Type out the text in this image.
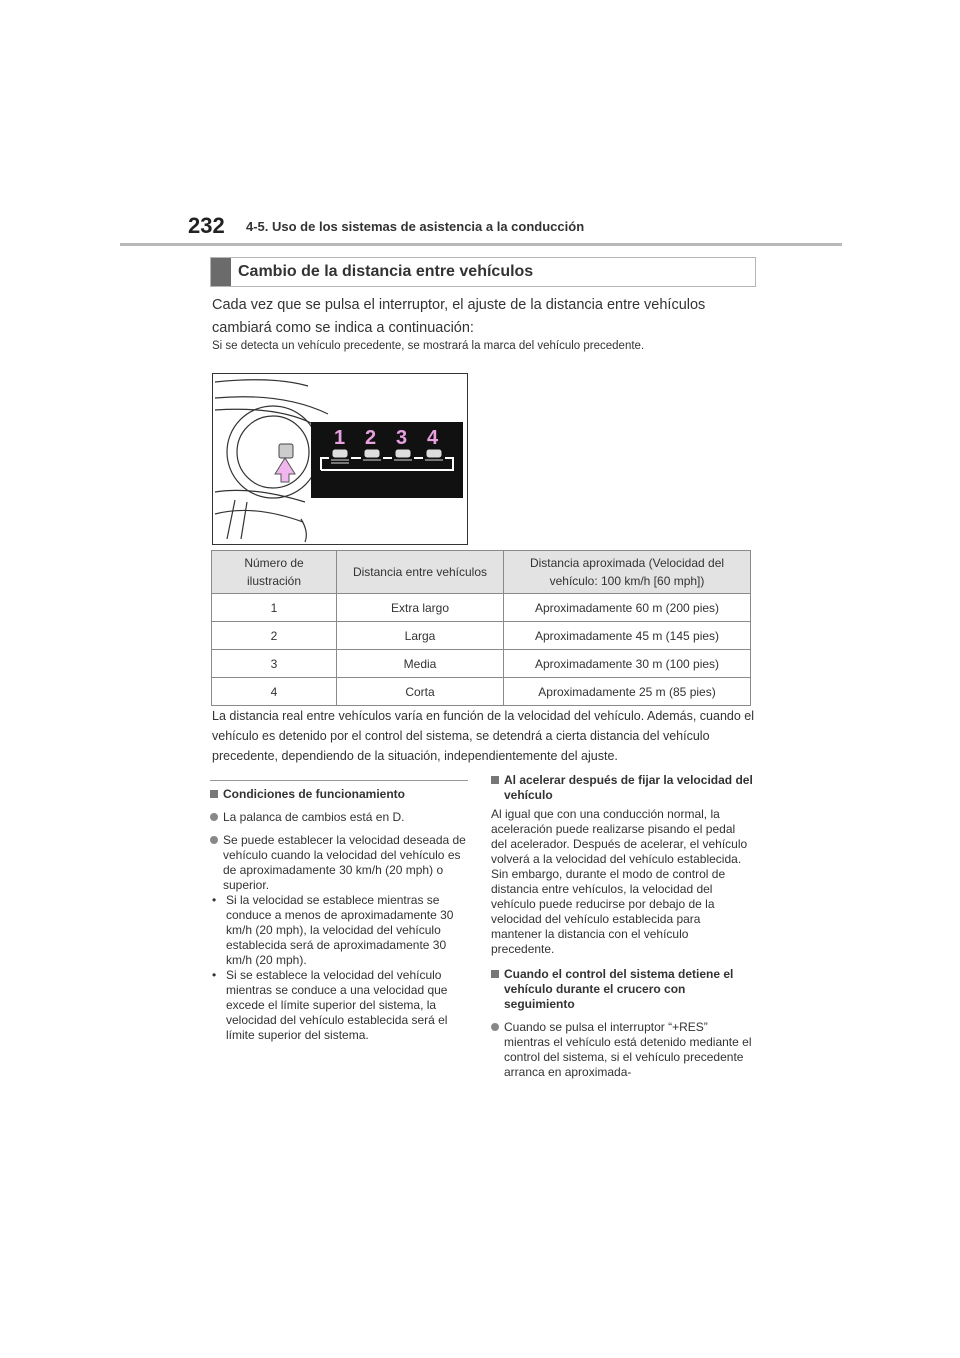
232 4-5. Uso de los sistemas de asistencia a la conducción
Cambio de la distancia entre vehículos
Cada vez que se pulsa el interruptor, el ajuste de la distancia entre vehículos cambiará como se indica a continuación:
Si se detecta un vehículo precedente, se mostrará la marca del vehículo precedente.
1 2 3 4
Número de ilustración	Distancia entre vehículos	Distancia aproximada (Velocidad del vehículo: 100 km/h [60 mph])
1	Extra largo	Aproximadamente 60 m (200 pies)
2	Larga	Aproximadamente 45 m (145 pies)
3	Media	Aproximadamente 30 m (100 pies)
4	Corta	Aproximadamente 25 m (85 pies)
La distancia real entre vehículos varía en función de la velocidad del vehículo. Además, cuando el vehículo es detenido por el control del sistema, se detendrá a cierta distancia del vehículo precedente, dependiendo de la situación, independientemente del ajuste.
Condiciones de funcionamiento
La palanca de cambios está en D.
Se puede establecer la velocidad deseada de vehículo cuando la velocidad del vehículo es de aproximadamente 30 km/h (20 mph) o superior.
• Si la velocidad se establece mientras se conduce a menos de aproximadamente 30 km/h (20 mph), la velocidad del vehículo establecida será de aproximadamente 30 km/h (20 mph).
• Si se establece la velocidad del vehículo mientras se conduce a una velocidad que excede el límite superior del sistema, la velocidad del vehículo establecida será el límite superior del sistema.
Al acelerar después de fijar la velocidad del vehículo
Al igual que con una conducción normal, la aceleración puede realizarse pisando el pedal del acelerador. Después de acelerar, el vehículo volverá a la velocidad del vehículo establecida. Sin embargo, durante el modo de control de distancia entre vehículos, la velocidad del vehículo puede reducirse por debajo de la velocidad del vehículo establecida para mantener la distancia con el vehículo precedente.
Cuando el control del sistema detiene el vehículo durante el crucero con seguimiento
Cuando se pulsa el interruptor “+RES” mientras el vehículo está detenido mediante el control del sistema, si el vehículo precedente arranca en aproximada-
